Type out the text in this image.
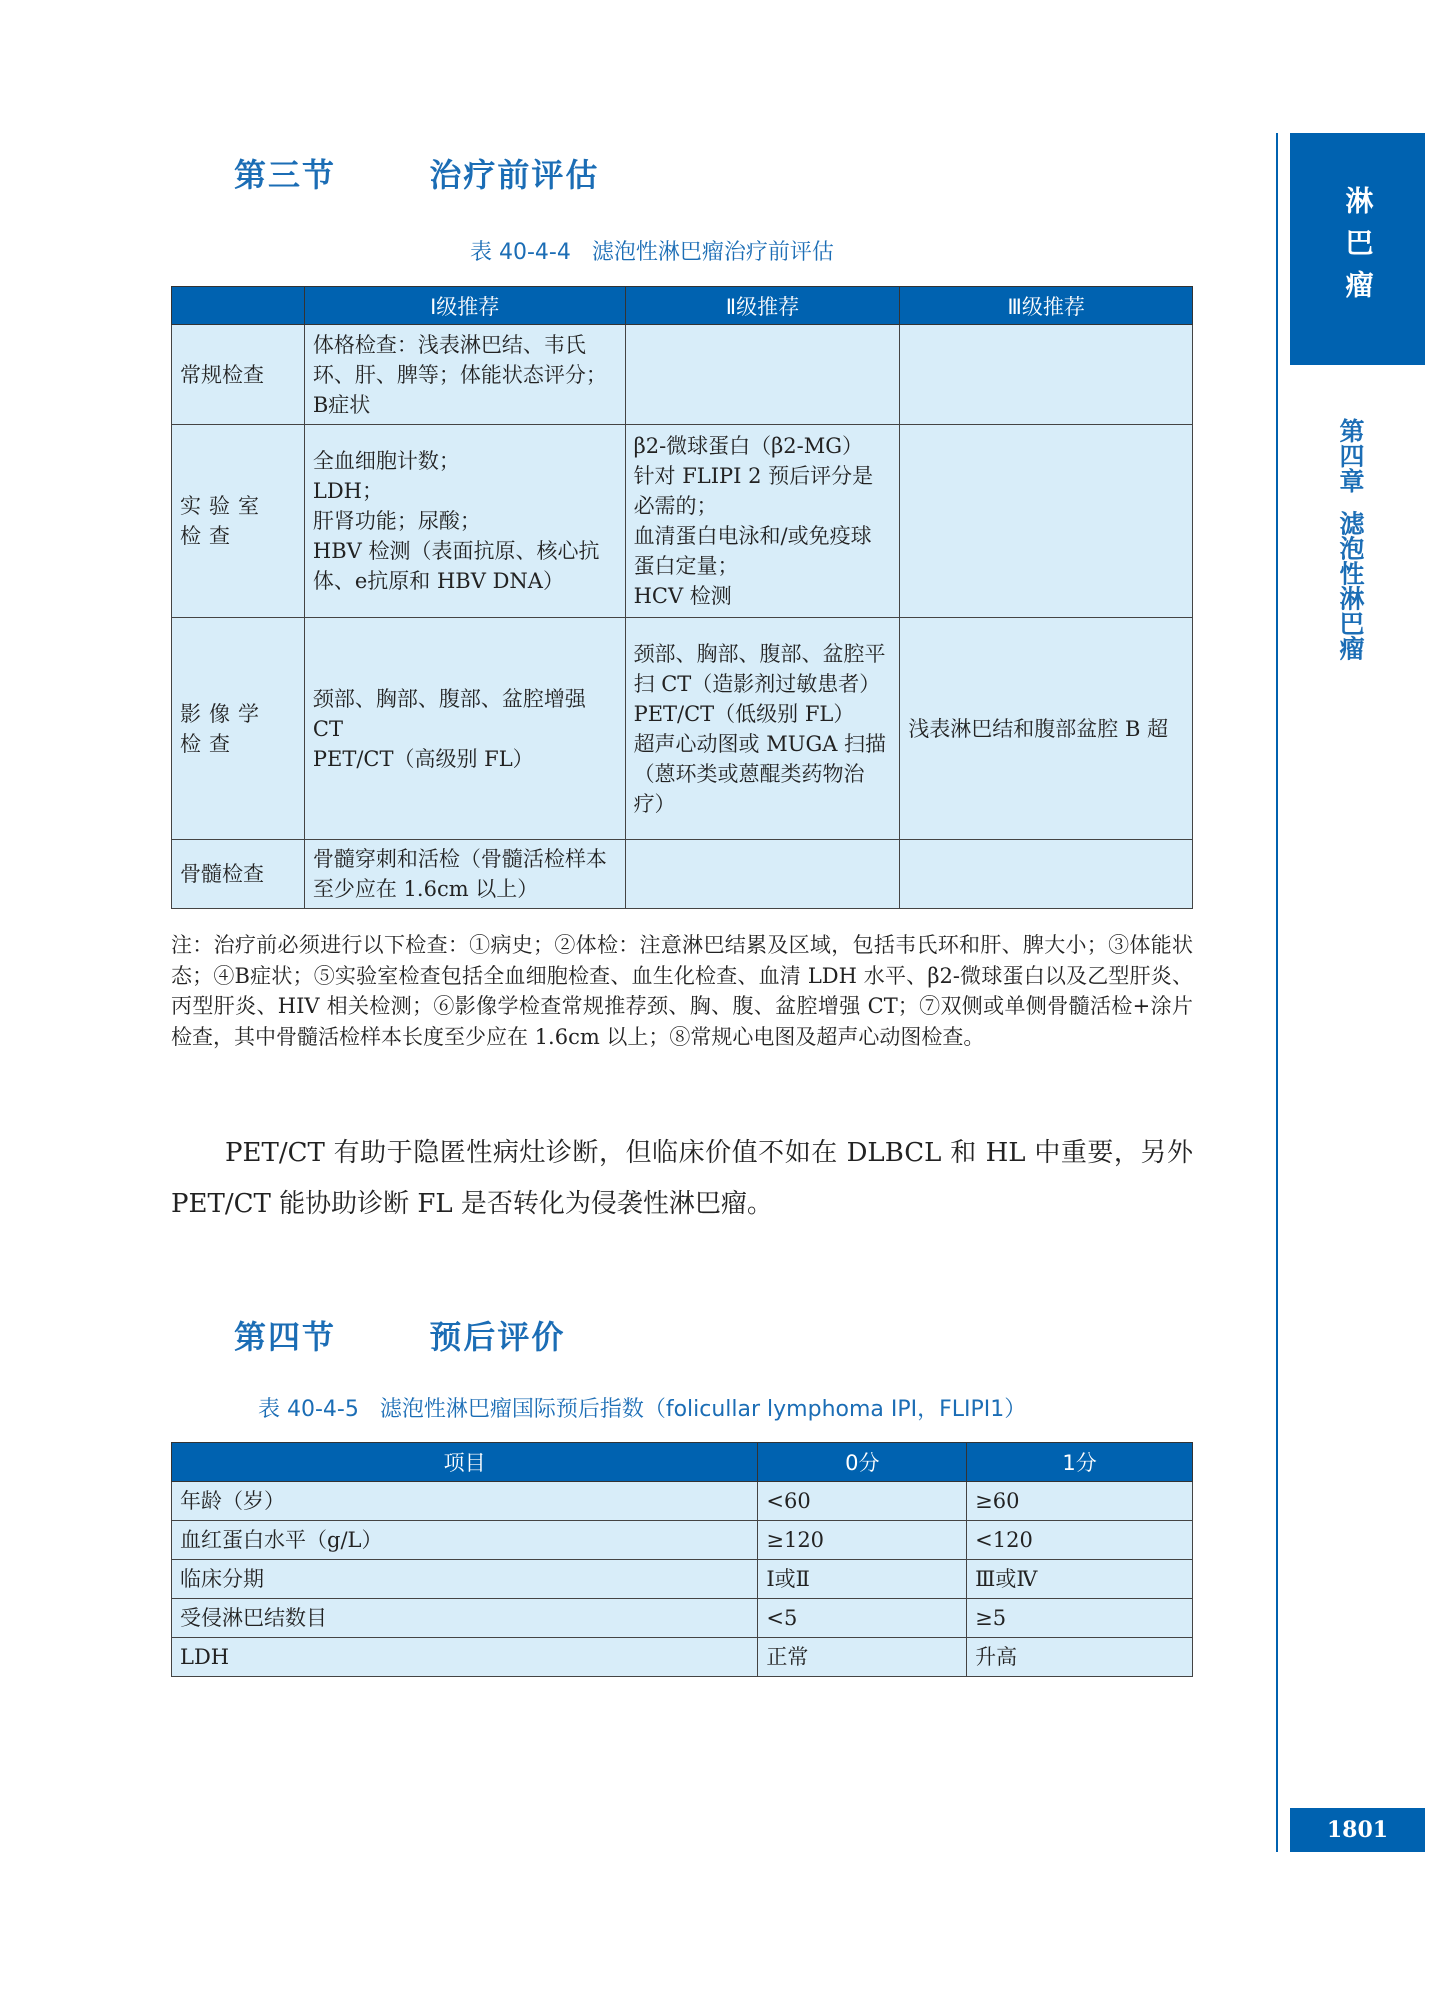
第三节   治疗前评估
表 40-4-4   滤泡性淋巴瘤治疗前评估
	Ⅰ级推荐	Ⅱ级推荐	Ⅲ级推荐
常规检查	体格检查：浅表淋巴结、韦氏环、肝、脾等；体能状态评分；B症状		
实验室检查	全血细胞计数；
LDH；
肝肾功能；尿酸；
HBV 检测（表面抗原、核心抗体、e抗原和 HBV DNA）	β2-微球蛋白（β2-MG）
针对 FLIPI 2 预后评分是必需的；
血清蛋白电泳和/或免疫球蛋白定量；
HCV 检测	
影像学检查	颈部、胸部、腹部、盆腔增强 CT
PET/CT（高级别 FL）	颈部、胸部、腹部、盆腔平扫 CT（造影剂过敏患者）
PET/CT（低级别 FL）
超声心动图或 MUGA 扫描（蒽环类或蒽醌类药物治疗）	浅表淋巴结和腹部盆腔 B 超
骨髓检查	骨髓穿刺和活检（骨髓活检样本至少应在 1.6cm 以上）		
注：治疗前必须进行以下检查：①病史；②体检：注意淋巴结累及区域，包括韦氏环和肝、脾大小；③体能状态；④B症状；⑤实验室检查包括全血细胞检查、血生化检查、血清 LDH 水平、β2-微球蛋白以及乙型肝炎、丙型肝炎、HIV 相关检测；⑥影像学检查常规推荐颈、胸、腹、盆腔增强 CT；⑦双侧或单侧骨髓活检+涂片检查，其中骨髓活检样本长度至少应在 1.6cm 以上；⑧常规心电图及超声心动图检查。
PET/CT 有助于隐匿性病灶诊断，但临床价值不如在 DLBCL 和 HL 中重要，另外 PET/CT 能协助诊断 FL 是否转化为侵袭性淋巴瘤。
第四节   预后评价
表 40-4-5   滤泡性淋巴瘤国际预后指数（folicullar lymphoma IPI，FLIPI1）
项目	0分	1分
年龄（岁）	<60	≥60
血红蛋白水平（g/L）	≥120	<120
临床分期	Ⅰ或Ⅱ	Ⅲ或Ⅳ
受侵淋巴结数目	<5	≥5
LDH	正常	升高
淋巴瘤
第四章  滤泡性淋巴瘤
1801
